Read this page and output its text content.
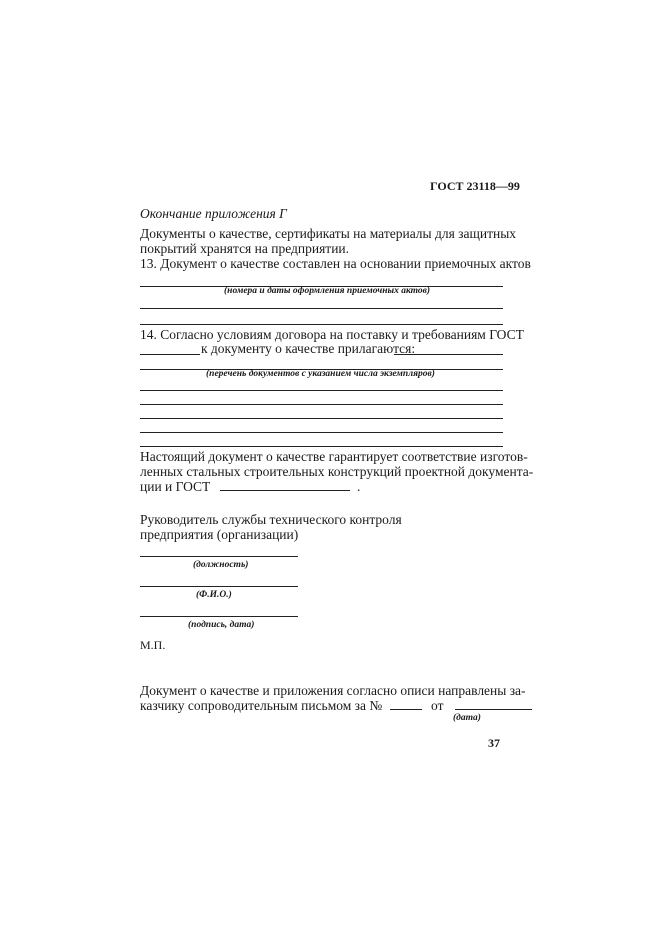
ГОСТ 23118—99
Окончание приложения Г
Документы о качестве, сертификаты на материалы для защитных
покрытий хранятся на предприятии.
13. Документ о качестве составлен на основании приемочных актов
(номера и даты оформления приемочных актов)
14. Согласно условиям договора на поставку и требованиям ГОСТ
к документу о качестве прилагаются:
(перечень документов с указанием числа экземпляров)
Настоящий документ о качестве гарантирует соответствие изготов-
ленных стальных строительных конструкций проектной документа-
ции и ГОСТ	.
Руководитель службы технического контроля
предприятия (организации)
(должность)
(Ф.И.О.)
(подпись, дата)
М.П.
Документ о качестве и приложения согласно описи направлены за-
казчику сопроводительным письмом за №	от
(дата)
37
